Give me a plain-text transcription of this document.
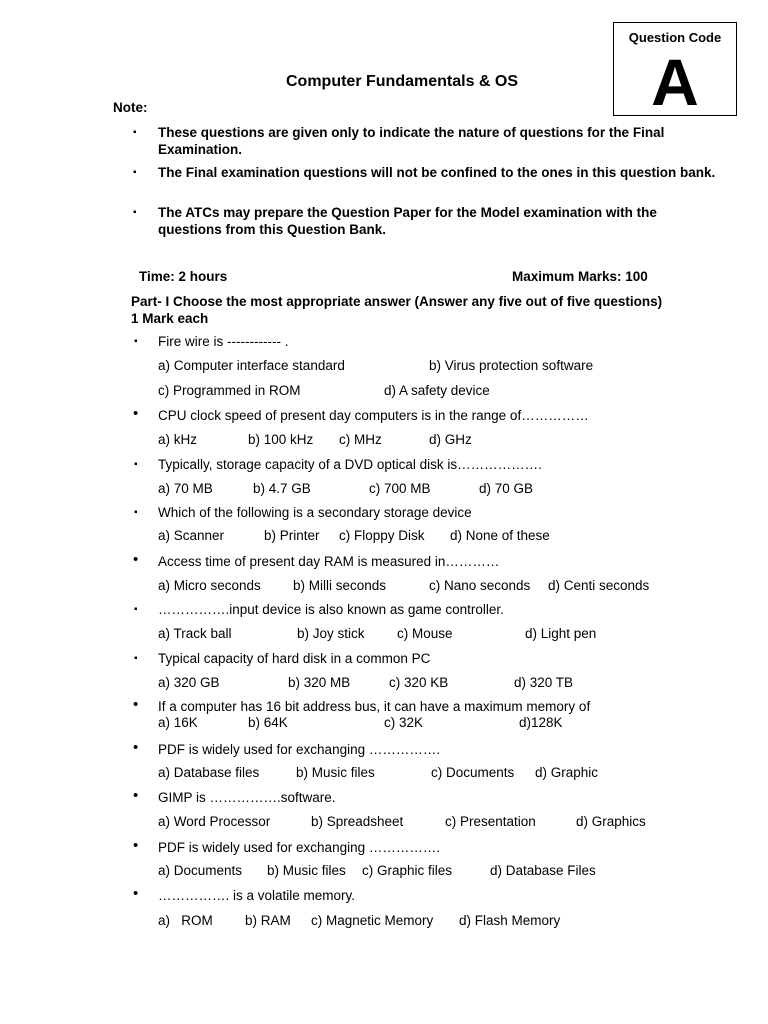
Question Code
A
Computer Fundamentals & OS
Note:
▪ These questions are given only to indicate the nature of questions for the Final Examination.
▪ The Final examination questions will not be confined to the ones in this question bank.
▪ The ATCs may prepare the Question Paper for the Model examination with the questions from this Question Bank.
Time: 2 hours	Maximum Marks: 100
Part- I Choose the most appropriate answer (Answer any five out of five questions)
1 Mark each
▪ Fire wire is ------------ .
a) Computer interface standard	b) Virus protection software
c) Programmed in ROM	d) A safety device
• CPU clock speed of present day computers is in the range of……………
a) kHz	b) 100 kHz c) MHz	d) GHz
▪ Typically, storage capacity of a DVD optical disk is……………….
a) 70 MB	b) 4.7 GB	c) 700 MB	d) 70 GB
▪ Which of the following is a secondary storage device
a) Scanner	b) Printer c) Floppy Disk d) None of these
• Access time of present day RAM is measured in…………
a) Micro seconds b) Milli seconds	c) Nano seconds d) Centi seconds
▪ …………….input device is also known as game controller.
a) Track ball	b) Joy stick c) Mouse	d) Light pen
▪ Typical capacity of hard disk in a common PC
a) 320 GB	b) 320 MB	c) 320 KB	d) 320 TB
• If a computer has 16 bit address bus, it can have a maximum memory of
a) 16K	b) 64K	c) 32K	d)128K
• PDF is widely used for exchanging …………….
a) Database files	b) Music files	c) Documents d) Graphic
• GIMP is …………….software.
a) Word Processor	b) Spreadsheet	c) Presentation	d) Graphics
• PDF is widely used for exchanging …………….
a) Documents b) Music files c) Graphic files	d) Database Files
• ……………. is a volatile memory.
a)   ROM b) RAM c) Magnetic Memory d) Flash Memory
